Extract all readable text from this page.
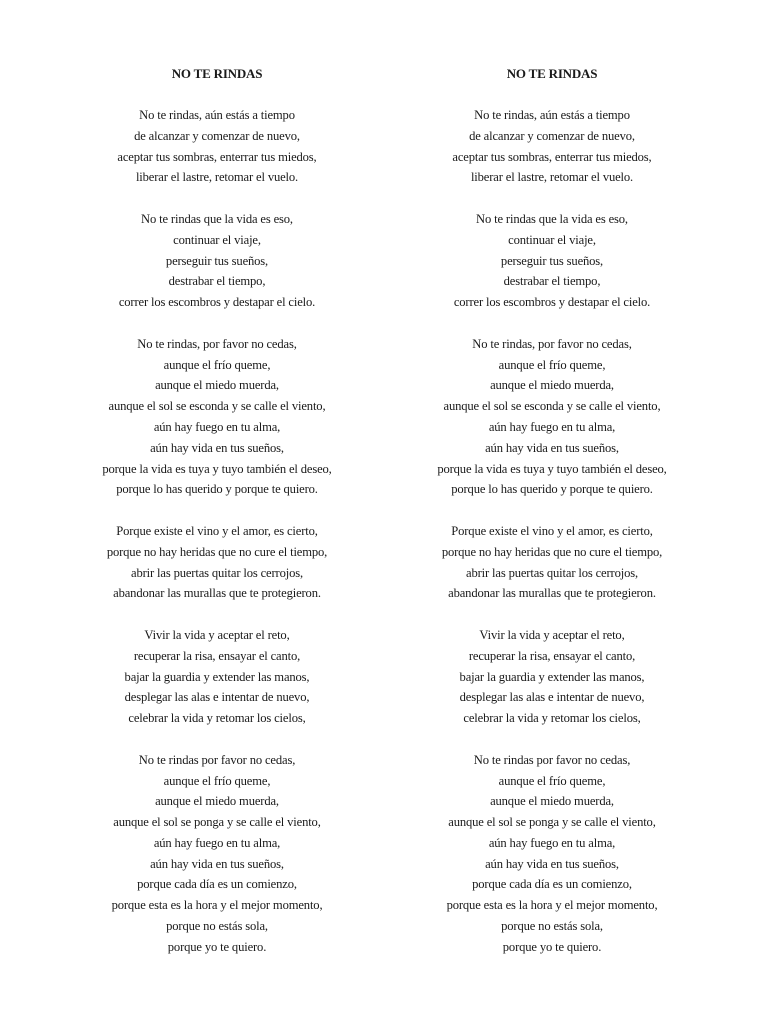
NO TE RINDAS
No te rindas, aún estás a tiempo
de alcanzar y comenzar de nuevo,
aceptar tus sombras, enterrar tus miedos,
liberar el lastre, retomar el vuelo.
No te rindas que la vida es eso,
continuar el viaje,
perseguir tus sueños,
destrabar el tiempo,
correr los escombros y destapar el cielo.
No te rindas, por favor no cedas,
aunque el frío queme,
aunque el miedo muerda,
aunque el sol se esconda y se calle el viento,
aún hay fuego en tu alma,
aún hay vida en tus sueños,
porque la vida es tuya y tuyo también el deseo,
porque lo has querido y porque te quiero.
Porque existe el vino y el amor, es cierto,
porque no hay heridas que no cure el tiempo,
abrir las puertas quitar los cerrojos,
abandonar las murallas que te protegieron.
Vivir la vida y aceptar el reto,
recuperar la risa, ensayar el canto,
bajar la guardia y extender las manos,
desplegar las alas e intentar de nuevo,
celebrar la vida y retomar los cielos,
No te rindas por favor no cedas,
aunque el frío queme,
aunque el miedo muerda,
aunque el sol se ponga y se calle el viento,
aún hay fuego en tu alma,
aún hay vida en tus sueños,
porque cada día es un comienzo,
porque esta es la hora y el mejor momento,
porque no estás sola,
porque yo te quiero.
NO TE RINDAS
No te rindas, aún estás a tiempo
de alcanzar y comenzar de nuevo,
aceptar tus sombras, enterrar tus miedos,
liberar el lastre, retomar el vuelo.
No te rindas que la vida es eso,
continuar el viaje,
perseguir tus sueños,
destrabar el tiempo,
correr los escombros y destapar el cielo.
No te rindas, por favor no cedas,
aunque el frío queme,
aunque el miedo muerda,
aunque el sol se esconda y se calle el viento,
aún hay fuego en tu alma,
aún hay vida en tus sueños,
porque la vida es tuya y tuyo también el deseo,
porque lo has querido y porque te quiero.
Porque existe el vino y el amor, es cierto,
porque no hay heridas que no cure el tiempo,
abrir las puertas quitar los cerrojos,
abandonar las murallas que te protegieron.
Vivir la vida y aceptar el reto,
recuperar la risa, ensayar el canto,
bajar la guardia y extender las manos,
desplegar las alas e intentar de nuevo,
celebrar la vida y retomar los cielos,
No te rindas por favor no cedas,
aunque el frío queme,
aunque el miedo muerda,
aunque el sol se ponga y se calle el viento,
aún hay fuego en tu alma,
aún hay vida en tus sueños,
porque cada día es un comienzo,
porque esta es la hora y el mejor momento,
porque no estás sola,
porque yo te quiero.
